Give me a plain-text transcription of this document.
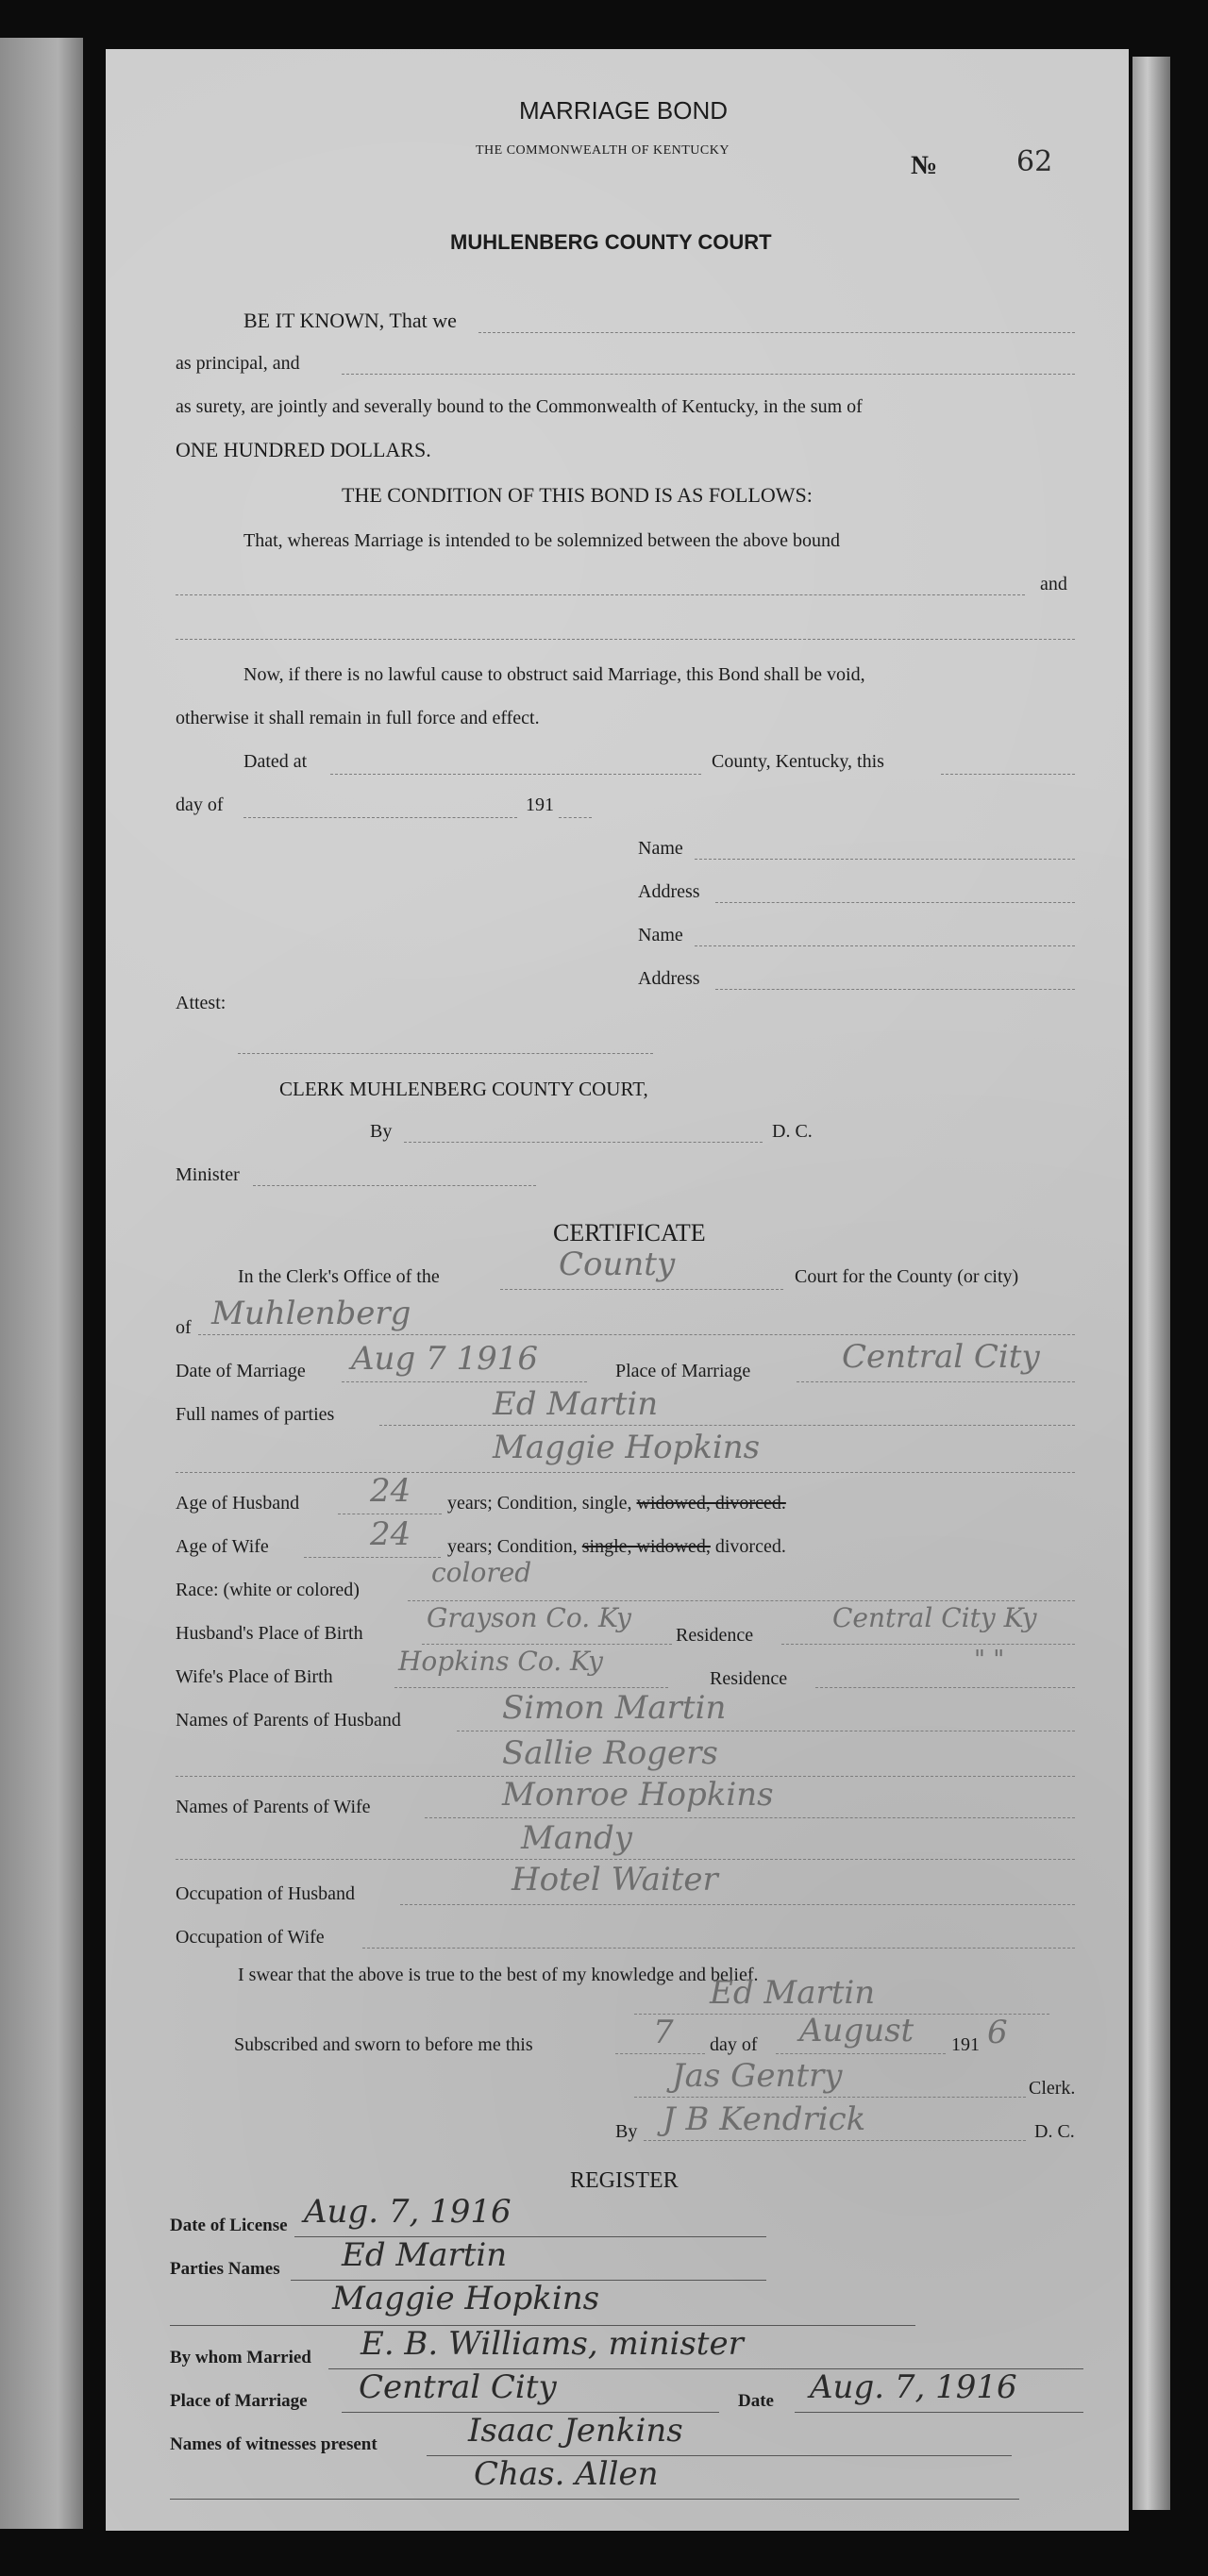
MARRIAGE BOND
THE COMMONWEALTH OF KENTUCKY
№	62
MUHLENBERG COUNTY COURT
BE IT KNOWN, That we
as principal, and
as surety, are jointly and severally bound to the Commonwealth of Kentucky, in the sum of
ONE HUNDRED DOLLARS.
THE CONDITION OF THIS BOND IS AS FOLLOWS:
That, whereas Marriage is intended to be solemnized between the above bound
and
Now, if there is no lawful cause to obstruct said Marriage, this Bond shall be void,
otherwise it shall remain in full force and effect.
Dated at	County, Kentucky, this
day of	191
Name
Address
Name
Address
Attest:
CLERK MUHLENBERG COUNTY COURT,
By	D. C.
Minister
CERTIFICATE
In the Clerk's Office of the	County	Court for the County (or city)
of Muhlenberg
Date of Marriage Aug 7 1916	Place of Marriage	Central City
Full names of parties	Ed Martin
Maggie Hopkins
Age of Husband 24 years; Condition, single, widowed, divorced.
Age of Wife	24 years; Condition, single, widowed, divorced.
Race: (white or colored)
colored
Husband's Place of Birth Grayson Co. Ky
Residence
Central City Ky
Wife's Place of Birth Hopkins Co. Ky
Residence
" "
Names of Parents of Husband	Simon Martin
Sallie Rogers
Names of Parents of Wife	Monroe Hopkins
Mandy
Occupation of Husband	Hotel Waiter
Occupation of Wife
I swear that the above is true to the best of my knowledge and belief.
Ed Martin
Subscribed and sworn to before me this	7 day of August 191 6
Jas Gentry	Clerk.
By J B Kendrick	D. C.
REGISTER
Date of License Aug. 7, 1916
Parties Names Ed Martin
Maggie Hopkins
By whom Married E. B. Williams, minister
Place of Marriage Central City	Date Aug. 7, 1916
Names of witnesses present	Isaac Jenkins
Chas. Allen
